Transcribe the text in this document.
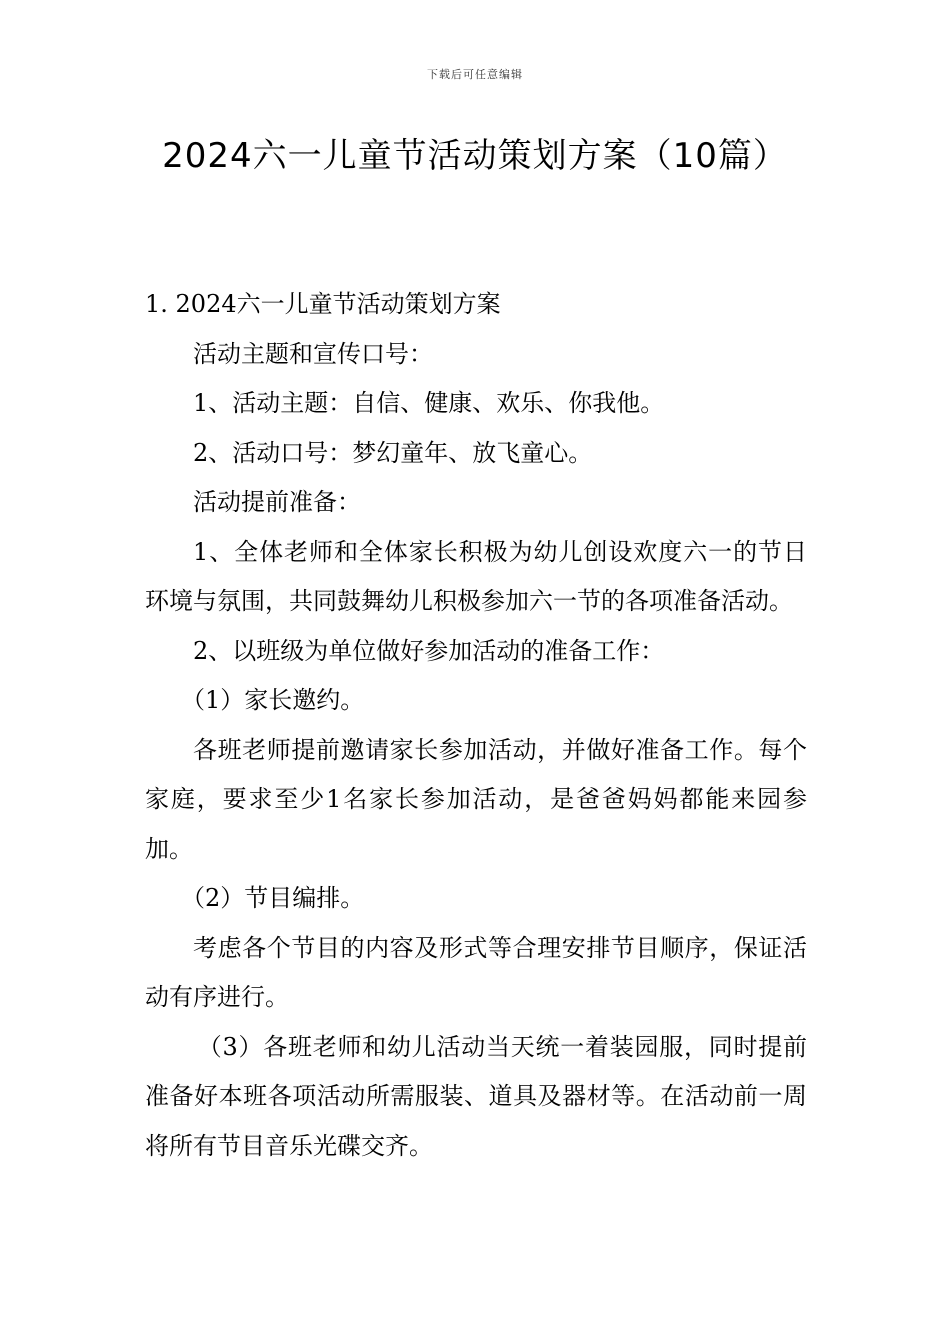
下载后可任意编辑
2024六一儿童节活动策划方案（10篇）

1. 2024六一儿童节活动策划方案

活动主题和宣传口号：

1、活动主题：自信、健康、欢乐、你我他。

2、活动口号：梦幻童年、放飞童心。

活动提前准备：

1、全体老师和全体家长积极为幼儿创设欢度六一的节日环境与氛围，共同鼓舞幼儿积极参加六一节的各项准备活动。

2、以班级为单位做好参加活动的准备工作：

（1）家长邀约。

各班老师提前邀请家长参加活动，并做好准备工作。每个家庭，要求至少1名家长参加活动，是爸爸妈妈都能来园参加。

（2）节目编排。

考虑各个节目的内容及形式等合理安排节目顺序，保证活动有序进行。

（3）各班老师和幼儿活动当天统一着装园服，同时提前准备好本班各项活动所需服装、道具及器材等。在活动前一周将所有节目音乐光碟交齐。
